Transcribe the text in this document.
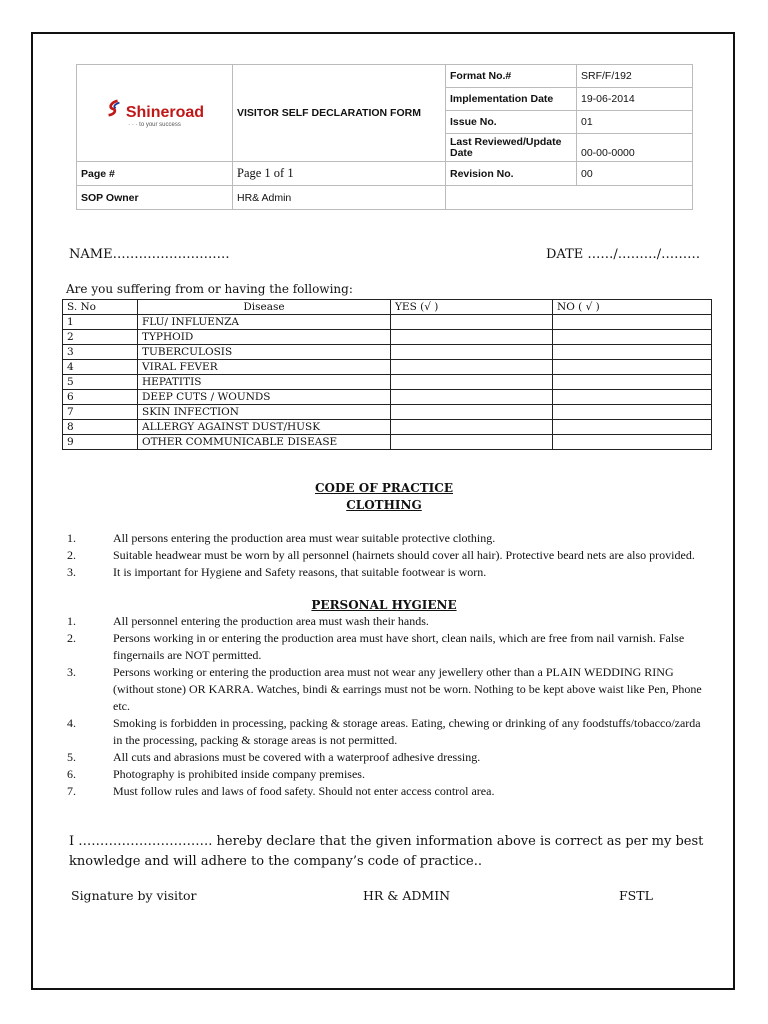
Shineroad
· · · to your success	VISITOR SELF DECLARATION FORM	Format No.#	SRF/F/192
		Implementation Date	19-06-2014
		Issue No.	01
		Last Reviewed/Update Date	00-00-0000
Page #	Page 1 of 1	Revision No.	00
SOP Owner	HR& Admin		
NAME………………………	DATE ……/………/………
Are you suffering from or having the following:
S. No	Disease	YES (√ )	NO ( √ )
1	FLU/ INFLUENZA		
2	TYPHOID		
3	TUBERCULOSIS		
4	VIRAL FEVER		
5	HEPATITIS		
6	DEEP CUTS / WOUNDS		
7	SKIN INFECTION		
8	ALLERGY AGAINST DUST/HUSK		
9	OTHER COMMUNICABLE DISEASE		
CODE OF PRACTICE
CLOTHING
1.	All persons entering the production area must wear suitable protective clothing.
2.	Suitable headwear must be worn by all personnel (hairnets should cover all hair). Protective beard nets are also provided.
3.	It is important for Hygiene and Safety reasons, that suitable footwear is worn.
PERSONAL HYGIENE
1.	All personnel entering the production area must wash their hands.
2.	Persons working in or entering the production area must have short, clean nails, which are free from nail varnish. False fingernails are NOT permitted.
3.	Persons working or entering the production area must not wear any jewellery other than a PLAIN WEDDING RING (without stone) OR KARRA. Watches, bindi & earrings must not be worn. Nothing to be kept above waist like Pen, Phone etc.
4.	Smoking is forbidden in processing, packing & storage areas. Eating, chewing or drinking of any foodstuffs/tobacco/zarda in the processing, packing & storage areas is not permitted.
5.	All cuts and abrasions must be covered with a waterproof adhesive dressing.
6.	Photography is prohibited inside company premises.
7.	Must follow rules and laws of food safety. Should not enter access control area.
I …………………………. hereby declare that the given information above is correct as per my best knowledge and will adhere to the company’s code of practice..
Signature by visitor	HR & ADMIN	FSTL
